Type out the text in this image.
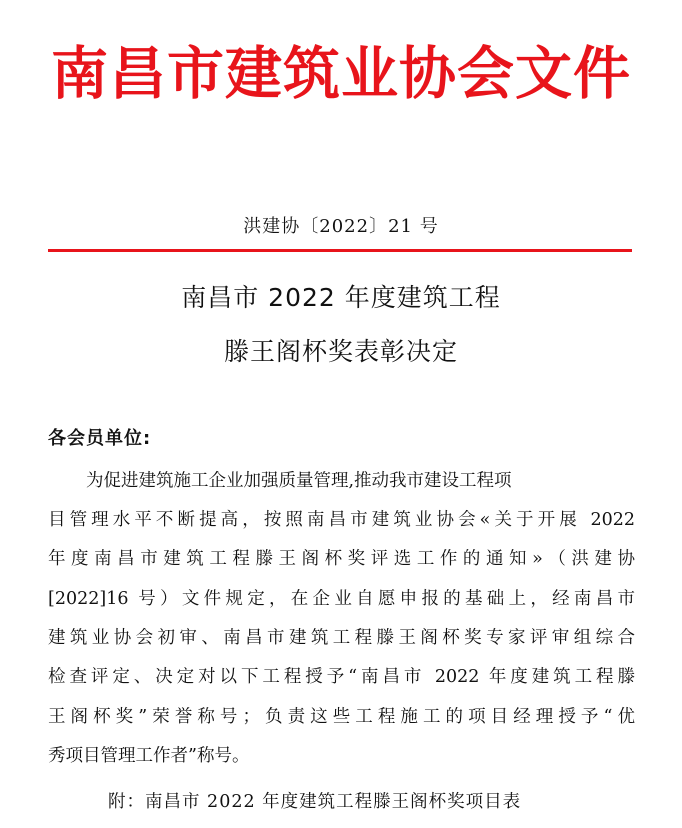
南昌市建筑业协会文件
洪建协〔2022〕21 号
南昌市 2022 年度建筑工程
滕王阁杯奖表彰决定
各会员单位:
为促进建筑施工企业加强质量管理,推动我市建设工程项
目管理水平不断提高，按照南昌市建筑业协会«关于开展 2022
年度南昌市建筑工程滕王阁杯奖评选工作的通知»（洪建协
[2022]16 号）文件规定，在企业自愿申报的基础上，经南昌市
建筑业协会初审、南昌市建筑工程滕王阁杯奖专家评审组综合
检查评定、决定对以下工程授予“南昌市 2022 年度建筑工程滕
王阁杯奖”荣誉称号；负责这些工程施工的项目经理授予“优
秀项目管理工作者”称号。
附：南昌市 2022 年度建筑工程滕王阁杯奖项目表
